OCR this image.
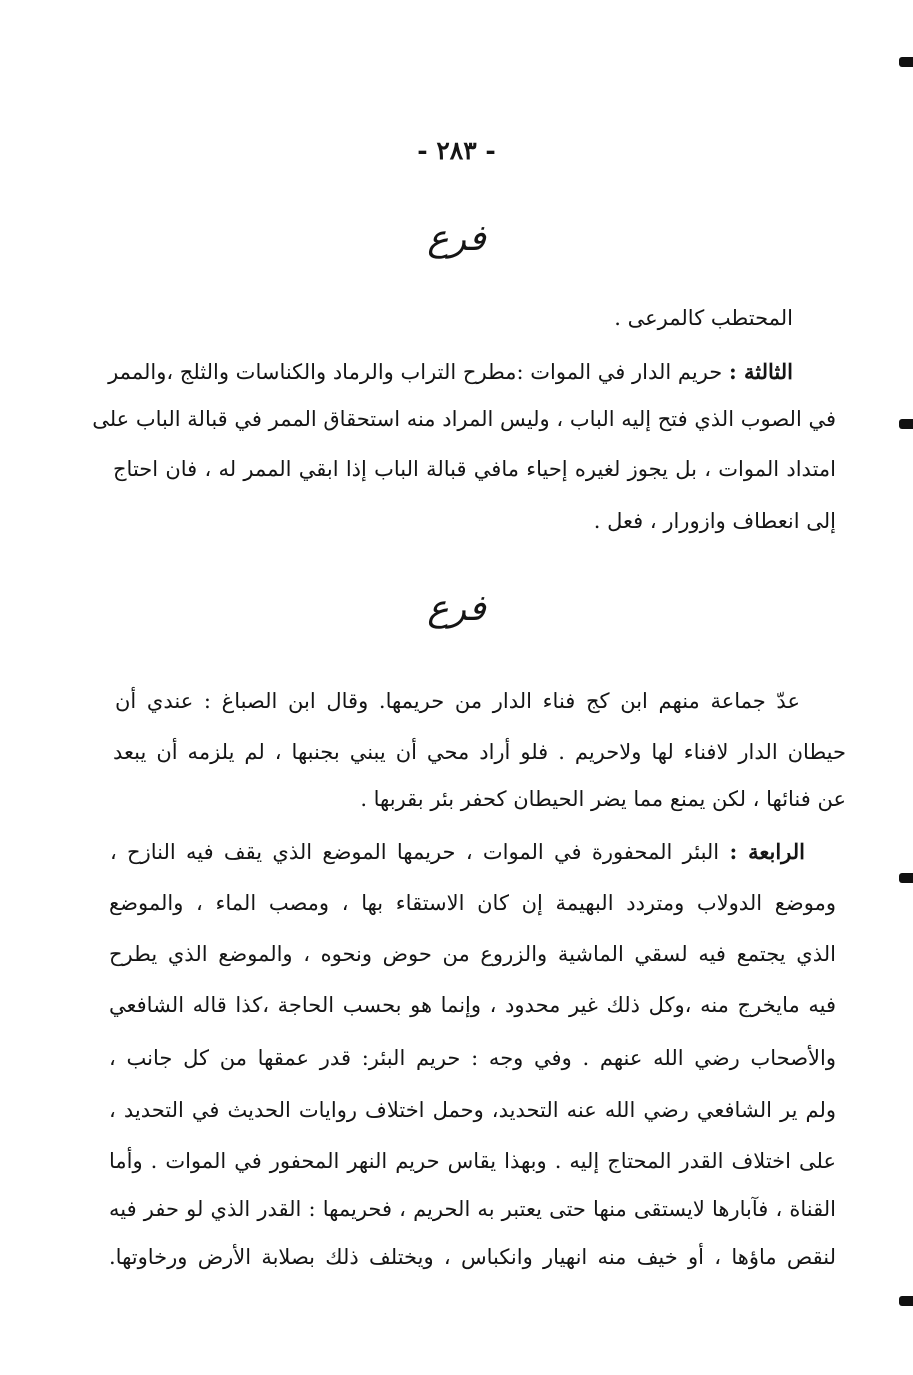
- ٢٨٣ -
فرع
المحتطب كالمرعى .
الثالثة : حريم الدار في الموات :مطرح التراب والرماد والكناسات والثلج ،والممر
في الصوب الذي فتح إليه الباب ، وليس المراد منه استحقاق الممر في قبالة الباب على
امتداد الموات ، بل يجوز لغيره إحياء مافي قبالة الباب إذا ابقي الممر له ، فان احتاج
إلى انعطاف وازورار ، فعل .
فرع
عدّ جماعة منهم ابن كج فناء الدار من حريمها. وقال ابن الصباغ : عندي أن
حيطان الدار لافناء لها ولاحريم . فلو أراد محي أن يبني بجنبها ، لم يلزمه أن يبعد
عن فنائها ، لكن يمنع مما يضر الحيطان كحفر بئر بقربها .
الرابعة : البئر المحفورة في الموات ، حريمها الموضع الذي يقف فيه النازح ،
وموضع الدولاب ومتردد البهيمة إن كان الاستقاء بها ، ومصب الماء ، والموضع
الذي يجتمع فيه لسقي الماشية والزروع من حوض ونحوه ، والموضع الذي يطرح
فيه مايخرج منه ،وكل ذلك غير محدود ، وإنما هو بحسب الحاجة ،كذا قاله الشافعي
والأصحاب رضي الله عنهم . وفي وجه : حريم البئر: قدر عمقها من كل جانب ،
ولم ير الشافعي رضي الله عنه التحديد، وحمل اختلاف روايات الحديث في التحديد ،
على اختلاف القدر المحتاج إليه . وبهذا يقاس حريم النهر المحفور في الموات . وأما
القناة ، فآبارها لايستقى منها حتى يعتبر به الحريم ، فحريمها : القدر الذي لو حفر فيه
لنقص ماؤها ، أو خيف منه انهيار وانكباس ، ويختلف ذلك بصلابة الأرض ورخاوتها.
